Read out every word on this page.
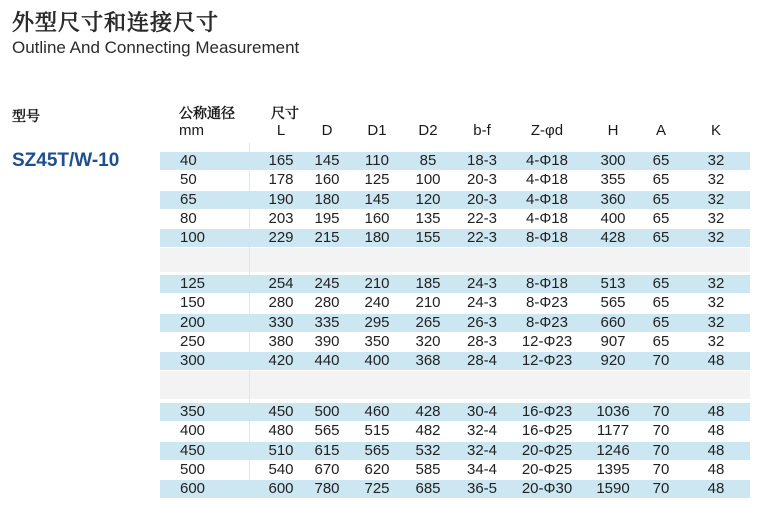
外型尺寸和连接尺寸
Outline And Connecting Measurement
型号	公称通径
mm
尺寸
L	D	D1	D2	b-f	Z-φd	H	A	K
SZ45T/W-10	40	165	145	110	85	18-3	4-Φ18	300	65	32
50	178	160	125	100	20-3	4-Φ18	355	65	32
65	190	180	145	120	20-3	4-Φ18	360	65	32
80	203	195	160	135	22-3	4-Φ18	400	65	32
100	229	215	180	155	22-3	8-Φ18	428	65	32
125	254	245	210	185	24-3	8-Φ18	513	65	32
150	280	280	240	210	24-3	8-Φ23	565	65	32
200	330	335	295	265	26-3	8-Φ23	660	65	32
250	380	390	350	320	28-3	12-Φ23	907	65	32
300	420	440	400	368	28-4	12-Φ23	920	70	48
350	450	500	460	428	30-4	16-Φ23	1036	70	48
400	480	565	515	482	32-4	16-Φ25	1177	70	48
450	510	615	565	532	32-4	20-Φ25	1246	70	48
500	540	670	620	585	34-4	20-Φ25	1395	70	48
600	600	780	725	685	36-5	20-Φ30	1590	70	48
